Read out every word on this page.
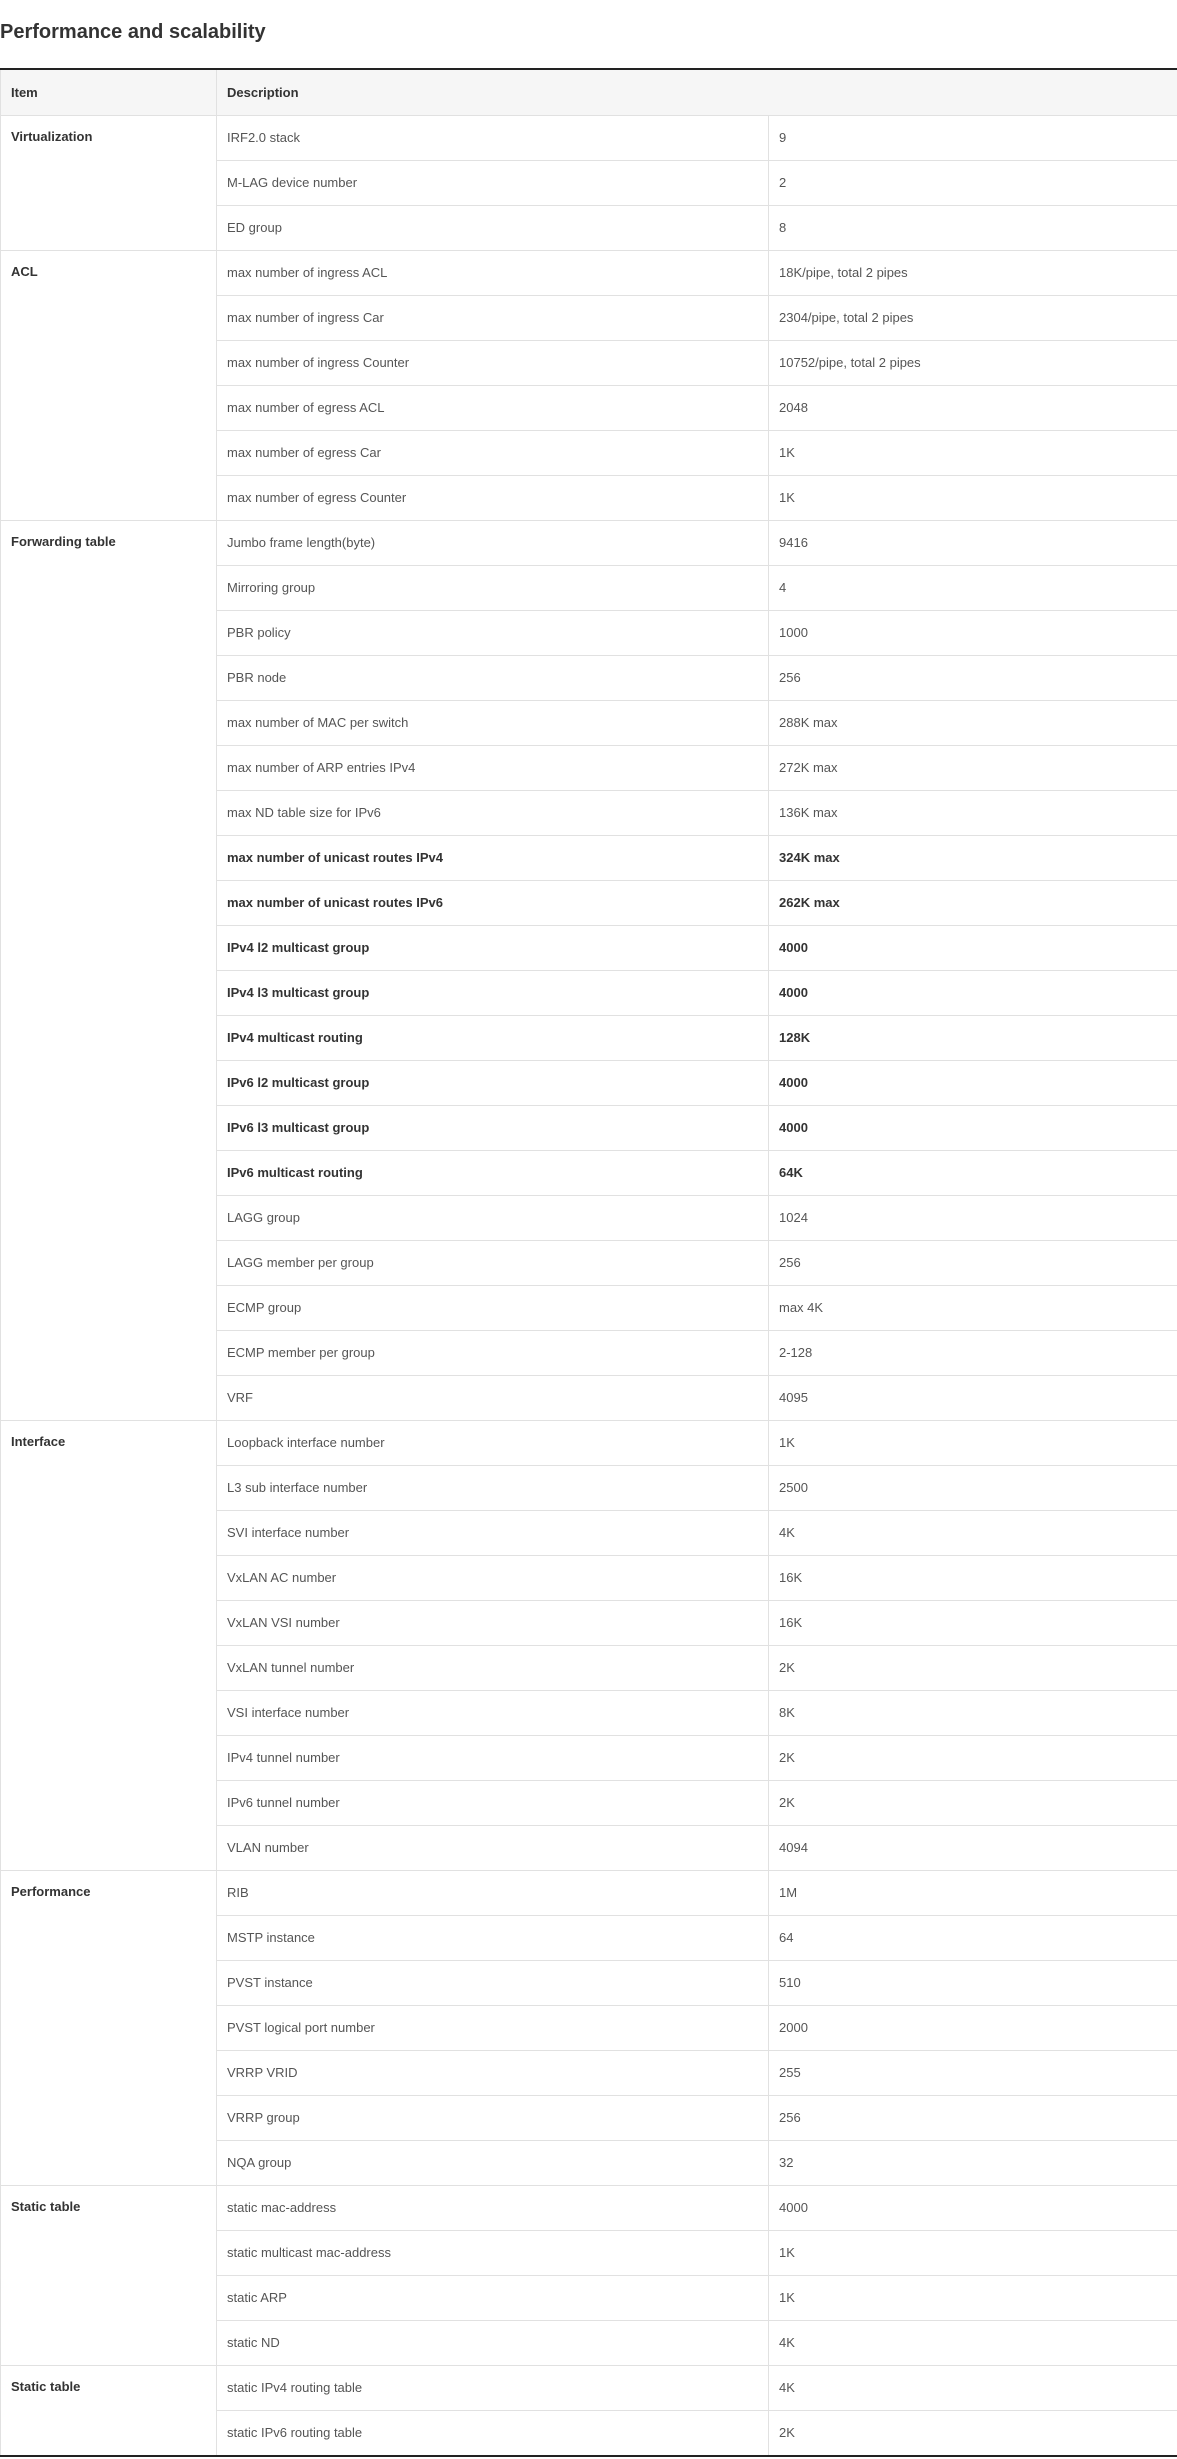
Performance and scalability
Item	Description	
Virtualization	IRF2.0 stack	9
	M-LAG device number	2
	ED group	8
ACL	max number of ingress ACL	18K/pipe, total 2 pipes
	max number of ingress Car	2304/pipe, total 2 pipes
	max number of ingress Counter	10752/pipe, total 2 pipes
	max number of egress ACL	2048
	max number of egress Car	1K
	max number of egress Counter	1K
Forwarding table	Jumbo frame length(byte)	9416
	Mirroring group	4
	PBR policy	1000
	PBR node	256
	max number of MAC per switch	288K max
	max number of ARP entries IPv4	272K max
	max ND table size for IPv6	136K max
	max number of unicast routes IPv4	324K max
	max number of unicast routes IPv6	262K max
	IPv4 l2 multicast group	4000
	IPv4 l3 multicast group	4000
	IPv4 multicast routing	128K
	IPv6 l2 multicast group	4000
	IPv6 l3 multicast group	4000
	IPv6 multicast routing	64K
	LAGG group	1024
	LAGG member per group	256
	ECMP group	max 4K
	ECMP member per group	2-128
	VRF	4095
Interface	Loopback interface number	1K
	L3 sub interface number	2500
	SVI interface number	4K
	VxLAN AC number	16K
	VxLAN VSI number	16K
	VxLAN tunnel number	2K
	VSI interface number	8K
	IPv4 tunnel number	2K
	IPv6 tunnel number	2K
	VLAN number	4094
Performance	RIB	1M
	MSTP instance	64
	PVST instance	510
	PVST logical port number	2000
	VRRP VRID	255
	VRRP group	256
	NQA group	32
Static table	static mac-address	4000
	static multicast mac-address	1K
	static ARP	1K
	static ND	4K
Static table	static IPv4 routing table	4K
	static IPv6 routing table	2K
